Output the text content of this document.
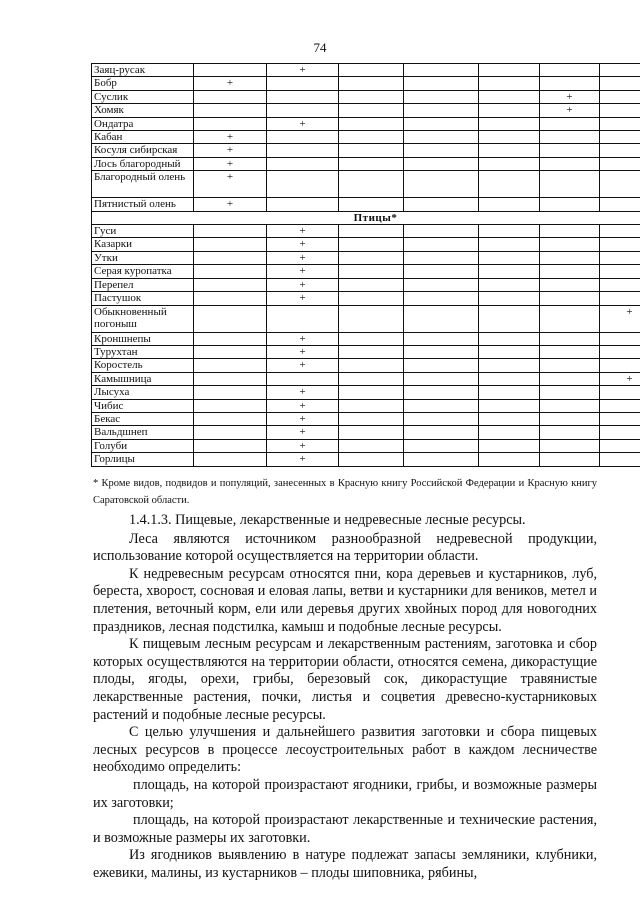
74
Заяц-русак		+					
Бобр	+						
Суслик						+	
Хомяк						+	
Ондатра		+					
Кабан	+						
Косуля сибирская	+						
Лось благородный	+						
Благородный олень	+						
Пятнистый олень	+						
Птицы*							
Гуси		+					
Казарки		+					
Утки		+					
Серая куропатка		+					
Перепел		+					
Пастушок		+					
Обыкновенный погоныш							+
Кроншнепы		+					
Турухтан		+					
Коростель		+					
Камышница							+
Лысуха		+					
Чибис		+					
Бекас		+					
Вальдшнеп		+					
Голуби		+					
Горлицы		+					
* Кроме видов, подвидов и популяций, занесенных в Красную книгу Российской Федерации и Красную книгу Саратовской области.

1.4.1.3. Пищевые, лекарственные и недревесные лесные ресурсы.

Леса являются источником разнообразной недревесной продукции, использование которой осуществляется на территории области.

К недревесным ресурсам относятся пни, кора деревьев и кустарников, луб, береста, хворост, сосновая и еловая лапы, ветви и кустарники для веников, метел и плетения, веточный корм, ели или деревья других хвойных пород для новогодних праздников, лесная подстилка, камыш и подобные лесные ресурсы.

К пищевым лесным ресурсам и лекарственным растениям, заготовка и сбор которых осуществляются на территории области, относятся семена, дикорастущие плоды, ягоды, орехи, грибы, березовый сок, дикорастущие травянистые лекарственные растения, почки, листья и соцветия древесно-кустарниковых растений и подобные лесные ресурсы.

С целью улучшения и дальнейшего развития заготовки и сбора пищевых лесных ресурсов в процессе лесоустроительных работ в каждом лесничестве необходимо определить:

площадь, на которой произрастают ягодники, грибы, и возможные размеры их заготовки;

площадь, на которой произрастают лекарственные и технические растения, и возможные размеры их заготовки.

Из ягодников выявлению в натуре подлежат запасы земляники, клубники, ежевики, малины, из кустарников – плоды шиповника, рябины,
